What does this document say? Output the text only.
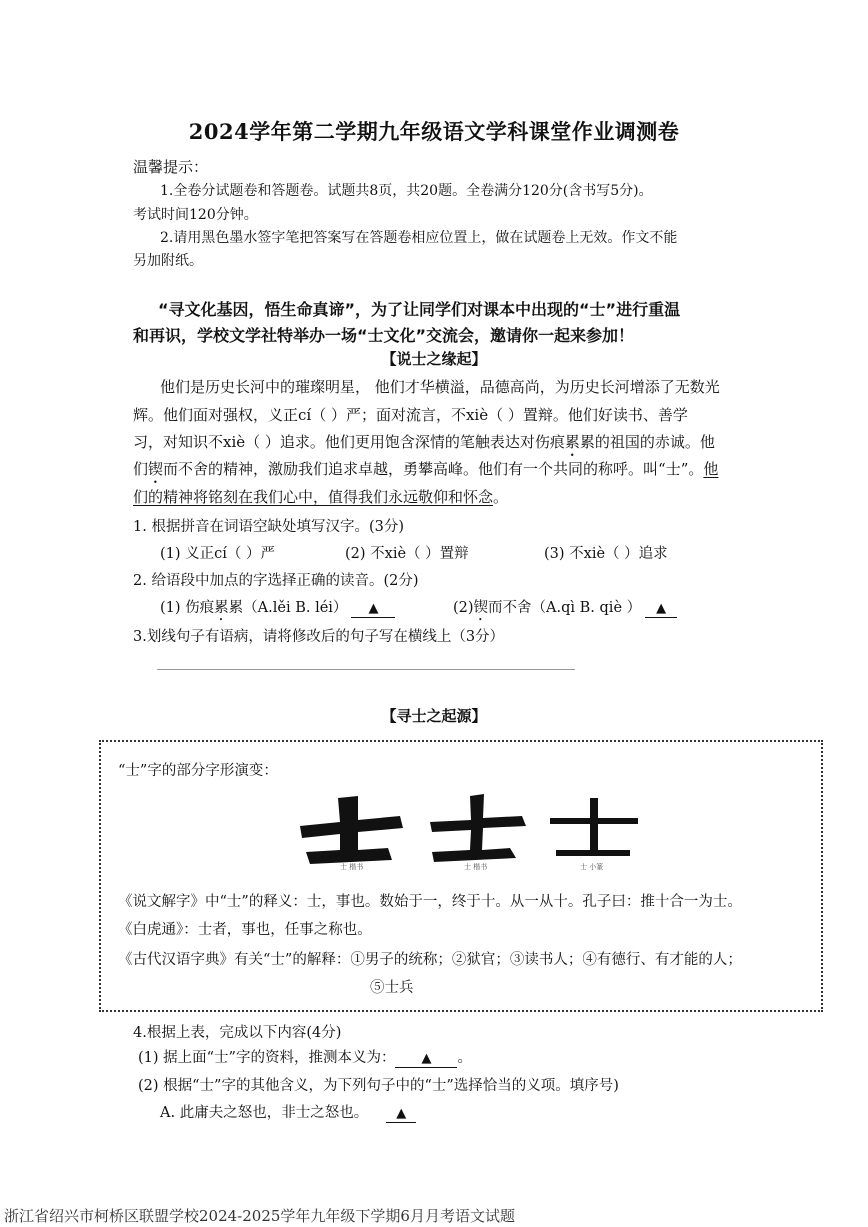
2024学年第二学期九年级语文学科课堂作业调测卷
温馨提示：
1.全卷分试题卷和答题卷。试题共8页，共20题。全卷满分120分(含书写5分)。
考试时间120分钟。
2.请用黑色墨水签字笔把答案写在答题卷相应位置上，做在试题卷上无效。作文不能
另加附纸。
“寻文化基因，悟生命真谛”，为了让同学们对课本中出现的“士”进行重温
和再识，学校文学社特举办一场“士文化”交流会，邀请你一起来参加！
【说士之缘起】
他们是历史长河中的璀璨明星， 他们才华横溢，品德高尚，为历史长河增添了无数光
辉。他们面对强权，义正cí（ ）严；面对流言，不xiè（ ）置辩。他们好读书、善学
习，对知识不xiè（ ）追求。他们更用饱含深情的笔触表达对伤痕累累的祖国的赤诚。他
们锲而不舍的精神，激励我们追求卓越，勇攀高峰。他们有一个共同的称呼。叫“士”。他
们的精神将铭刻在我们心中，值得我们永远敬仰和怀念。
1. 根据拼音在词语空缺处填写汉字。(3分)
(1) 义正cí（ ）严	(2) 不xiè（ ）置辩	(3) 不xiè（ ）追求
2. 给语段中加点的字选择正确的读音。(2分)
(1) 伤痕累累（A.lěi B. léi） ▲	(2)锲而不舍（A.qì B. qiè ） ▲
3.划线句子有语病，请将修改后的句子写在横线上（3分）
【寻士之起源】
“士”字的部分字形演变：
士 楷书	士 楷书	士 小篆
《说文解字》中“士”的释义：士，事也。数始于一，终于十。从一从十。孔子曰：推十合一为士。
《白虎通》：士者，事也，任事之称也。
《古代汉语字典》有关“士”的解释：①男子的统称；②狱官；③读书人；④有德行、有才能的人；
⑤士兵
4.根据上表，完成以下内容(4分)
(1) 据上面“士”字的资料，推测本义为： ▲ 。
(2) 根据“士”字的其他含义，为下列句子中的“士”选择恰当的义项。填序号)
A. 此庸夫之怒也，非士之怒也。 ▲
浙江省绍兴市柯桥区联盟学校2024-2025学年九年级下学期6月月考语文试题
